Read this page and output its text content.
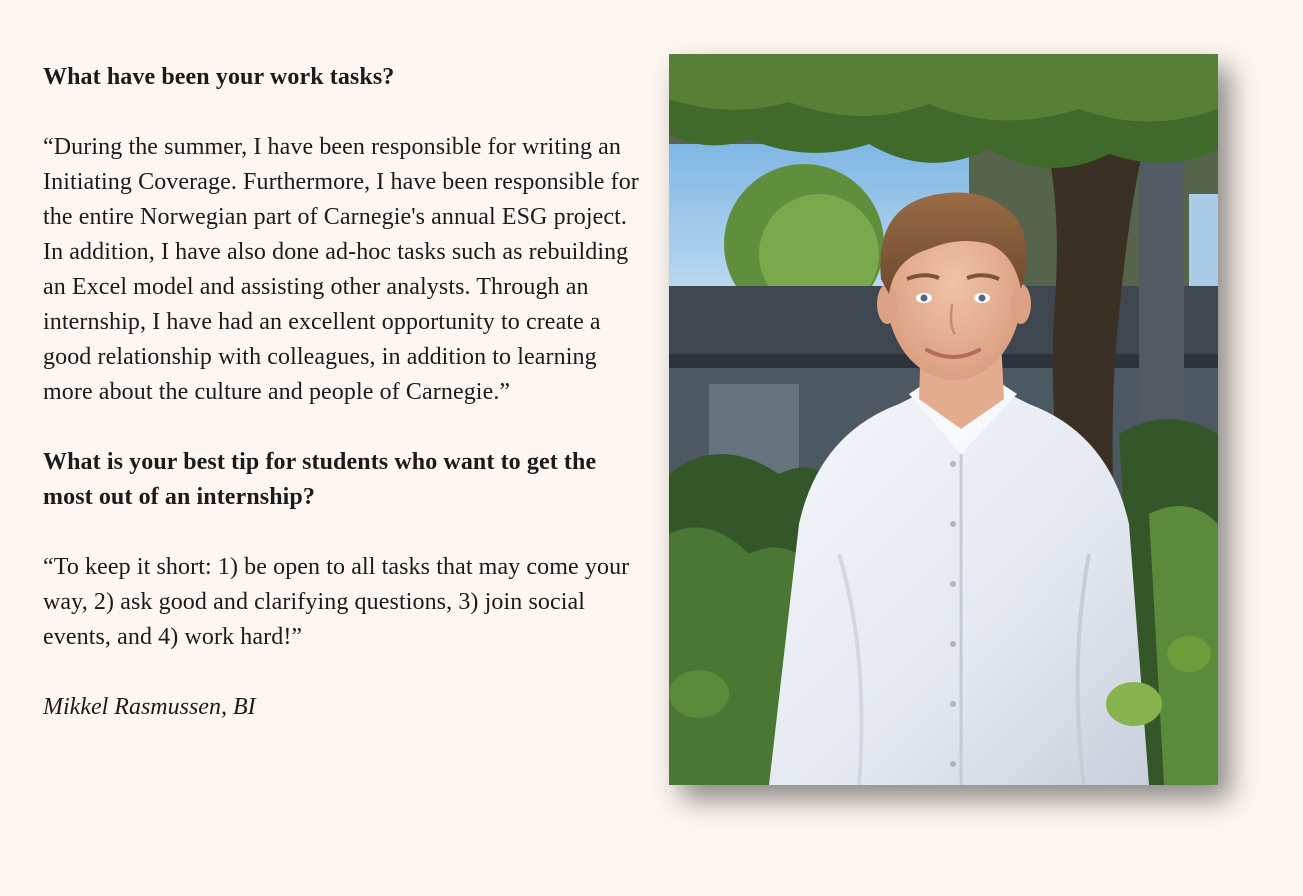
What have been your work tasks?

“During the summer, I have been responsible for writing an Initiating Coverage. Furthermore, I have been responsible for the entire Norwegian part of Carnegie's annual ESG project. In addition, I have also done ad-hoc tasks such as rebuilding an Excel model and assisting other analysts. Through an internship, I have had an excellent opportunity to create a good relationship with colleagues, in addition to learning more about the culture and people of Carnegie.”

What is your best tip for students who want to get the most out of an internship?

“To keep it short: 1) be open to all tasks that may come your way, 2) ask good and clarifying questions, 3) join social events, and 4) work hard!”

Mikkel Rasmussen, BI
